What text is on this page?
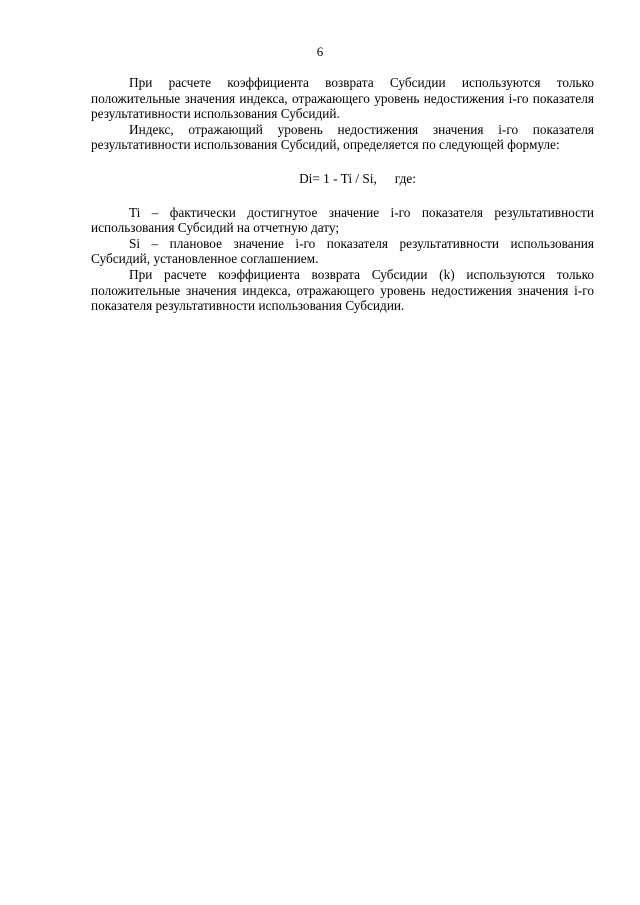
6

При расчете коэффициента возврата Субсидии используются только положительные значения индекса, отражающего уровень недостижения i-го показателя результативности использования Субсидий.

Индекс, отражающий уровень недостижения значения i-го показателя результативности использования Субсидий, определяется по следующей формуле:

Di= 1 - Ti / Si, где:

Ti – фактически достигнутое значение i-го показателя результативности использования Субсидий на отчетную дату;

Si – плановое значение i-го показателя результативности использования Субсидий, установленное соглашением.

При расчете коэффициента возврата Субсидии (k) используются только положительные значения индекса, отражающего уровень недостижения значения i-го показателя результативности использования Субсидии.
